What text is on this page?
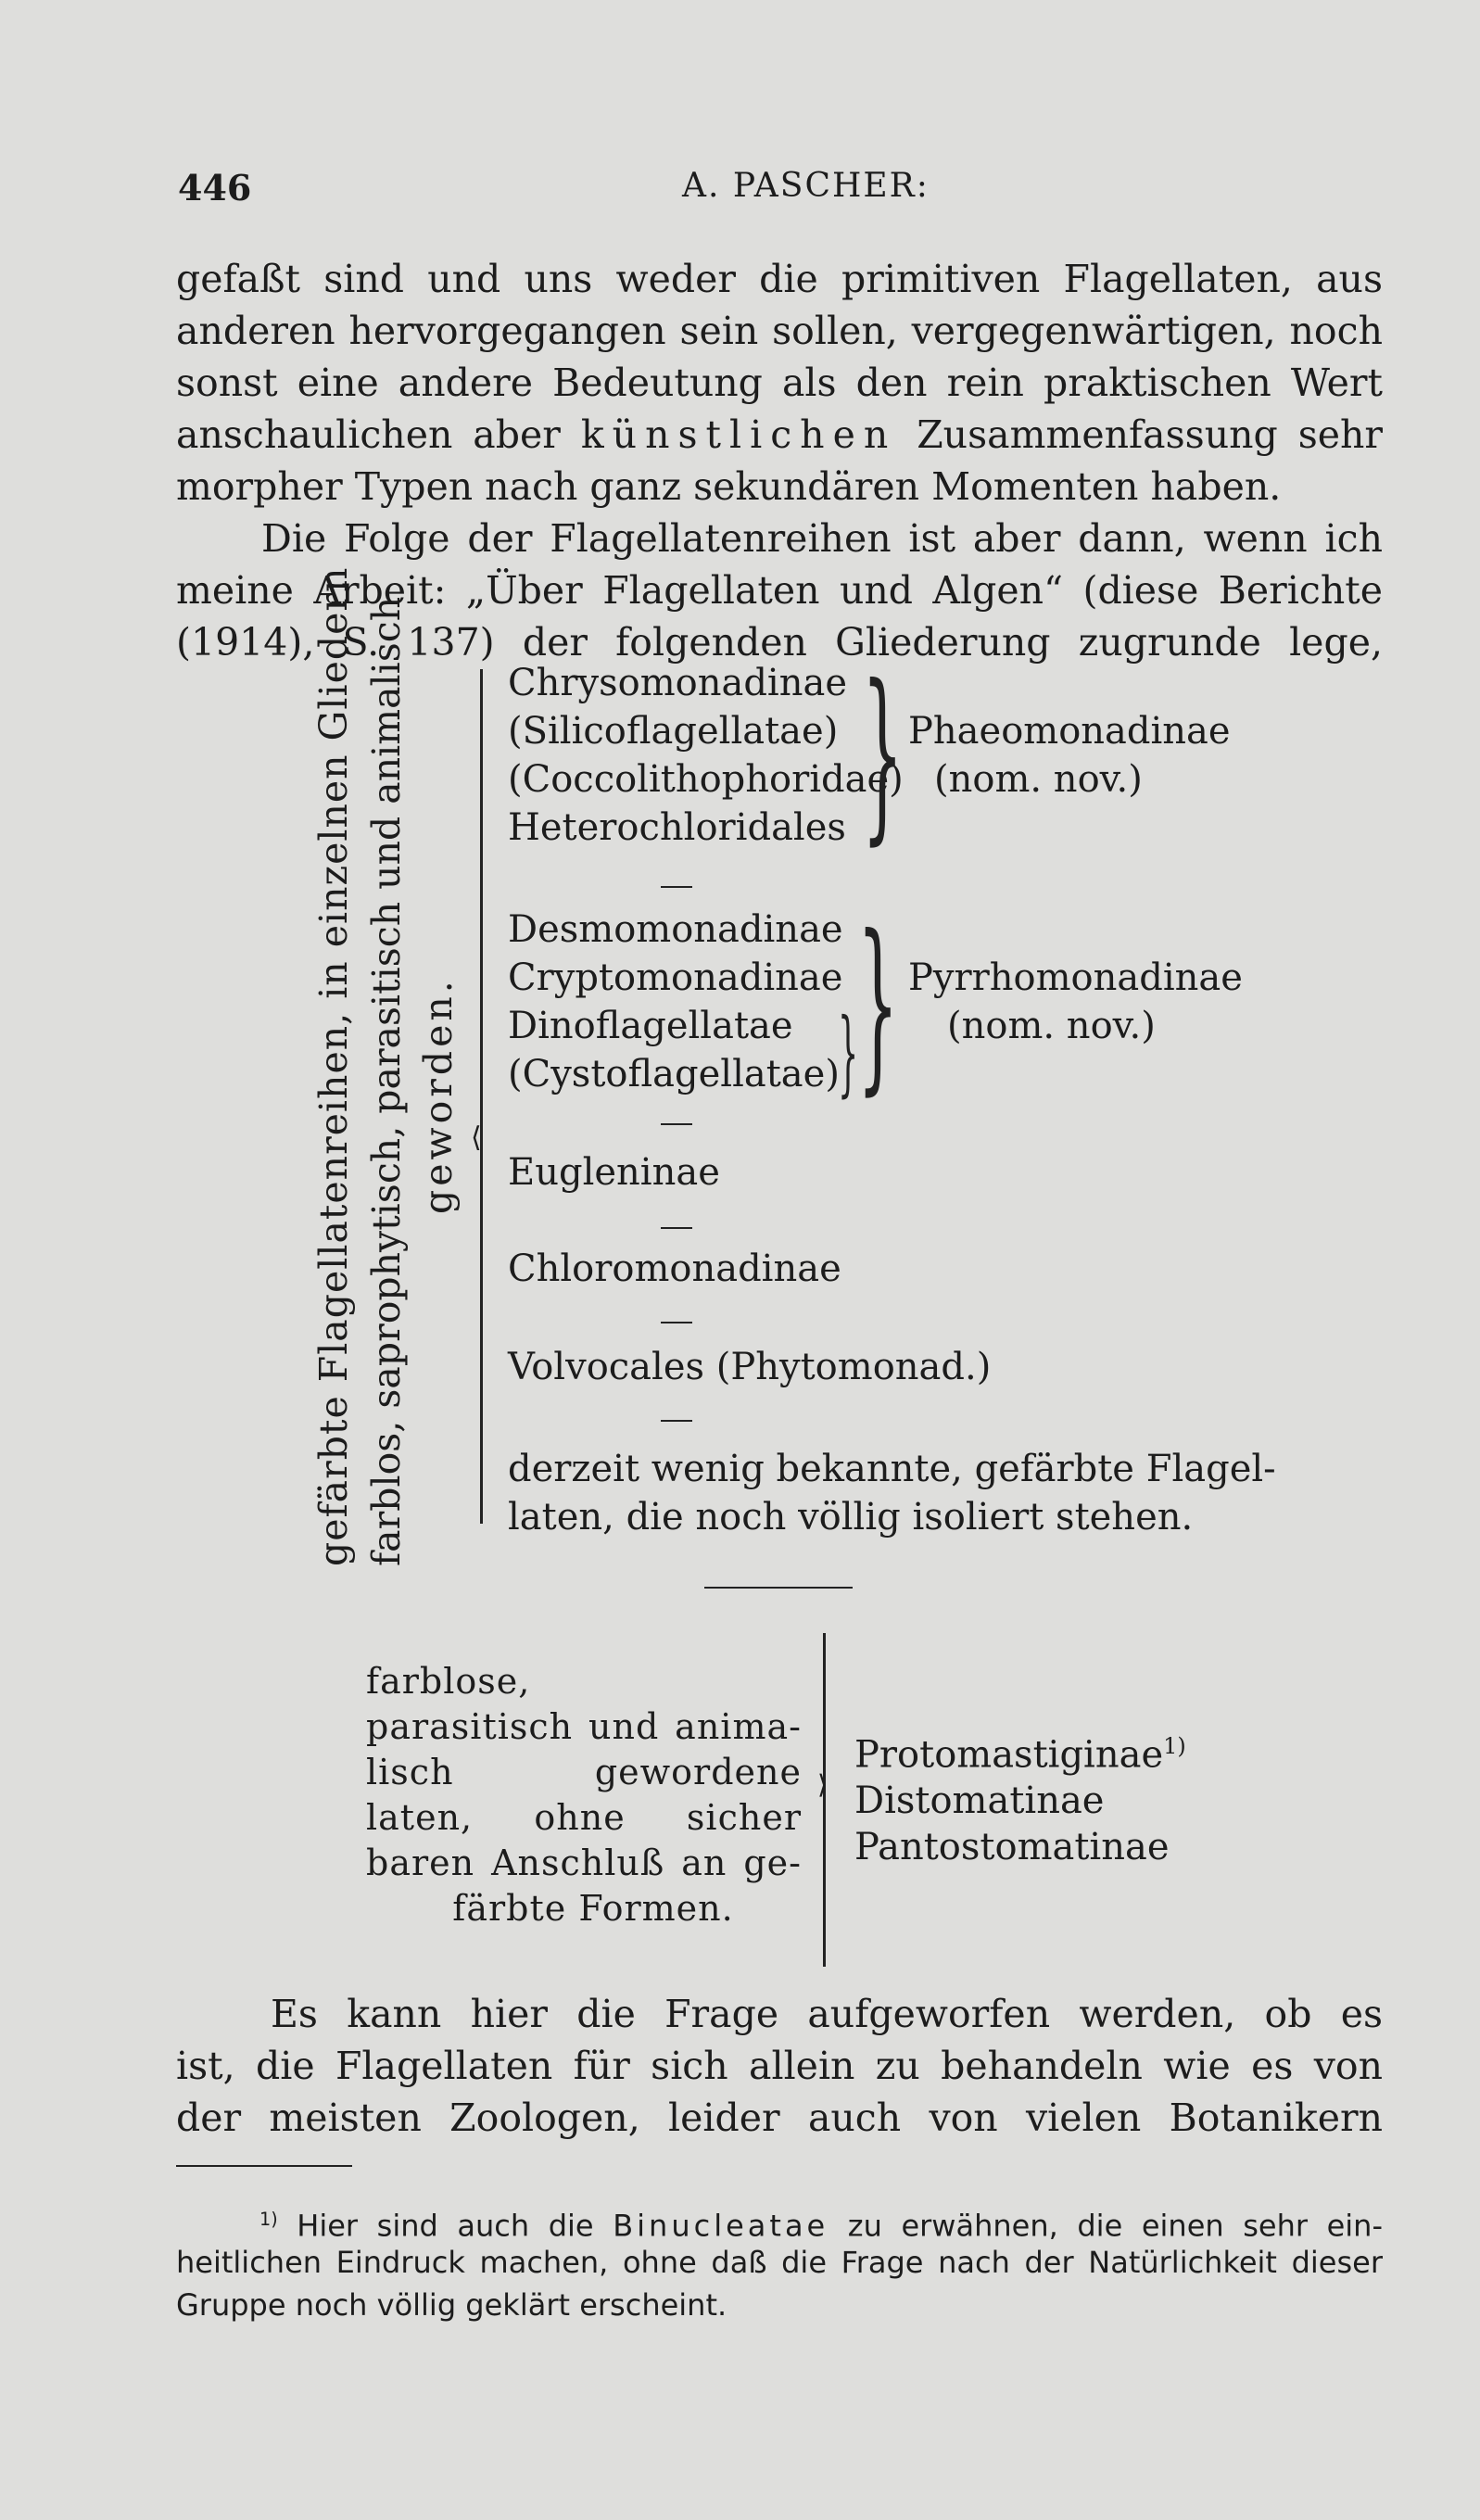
446	A. PASCHER:
gefaßt sind und uns weder die primitiven Flagellaten, aus
anderen hervorgegangen sein sollen, vergegenwärtigen, noch
sonst eine andere Bedeutung als den rein praktischen Wert
anschaulichen aber künstlichen Zusammenfassung sehr
morpher Typen nach ganz sekundären Momenten haben.
Die Folge der Flagellatenreihen ist aber dann, wenn ich
meine Arbeit: „Über Flagellaten und Algen“ (diese Berichte
(1914), S. 137) der folgenden Gliederung zugrunde lege,
gefärbte Flagellatenreihen, in einzelnen Gliedern farblos, saprophytisch, parasitisch und animalisch geworden. ⟨
Chrysomonadinae
(Silicoflagellatae)
(Coccolithophoridae)
Heterochloridales } Phaeomonadinae
(nom. nov.)
Desmomonadinae
Cryptomonadinae
Dinoflagellatae
(Cystoflagellatae)
}
} Pyrrhomonadinae
(nom. nov.)
Eugleninae
Chloromonadinae
Volvocales (Phytomonad.)
derzeit wenig bekannte, gefärbte Flagel-
laten, die noch völlig isoliert stehen.
farblose,
parasitisch und anima-
lisch gewordene
laten, ohne sicher
baren Anschluß an ge-
färbte Formen.
⟩
Protomastiginae$^{1)}$
Distomatinae
Pantostomatinae
Es kann hier die Frage aufgeworfen werden, ob es
ist, die Flagellaten für sich allein zu behandeln wie es von
der meisten Zoologen, leider auch von vielen Botanikern
$^{1)}$ Hier sind auch die Binucleatae zu erwähnen, die einen sehr ein-
heitlichen Eindruck machen, ohne daß die Frage nach der Natürlichkeit dieser
Gruppe noch völlig geklärt erscheint.
